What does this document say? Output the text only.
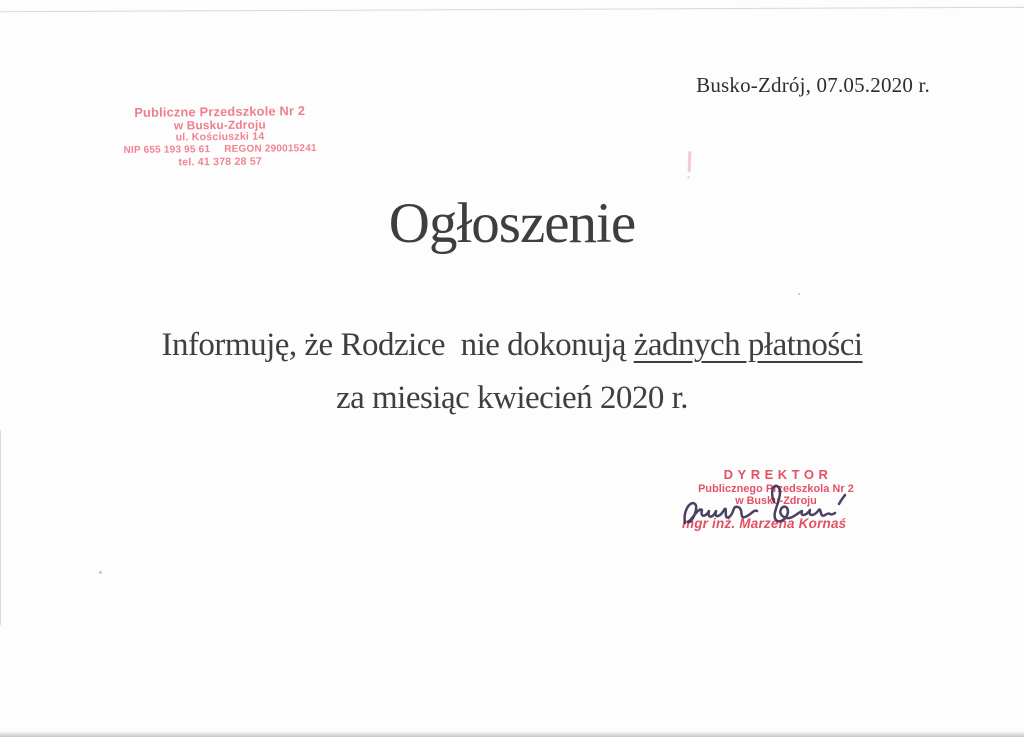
Busko-Zdrój, 07.05.2020 r.
Publiczne Przedszkole Nr 2
w Busku-Zdroju
ul. Kościuszki 14
NIP 655 193 95 61 REGON 290015241
tel. 41 378 28 57
Ogłoszenie
Informuję, że Rodzice  nie dokonują żadnych płatności
za miesiąc kwiecień 2020 r.
DYREKTOR
Publicznego Przedszkola Nr 2
w Busku-Zdroju
mgr inż. Marzena Kornaś
